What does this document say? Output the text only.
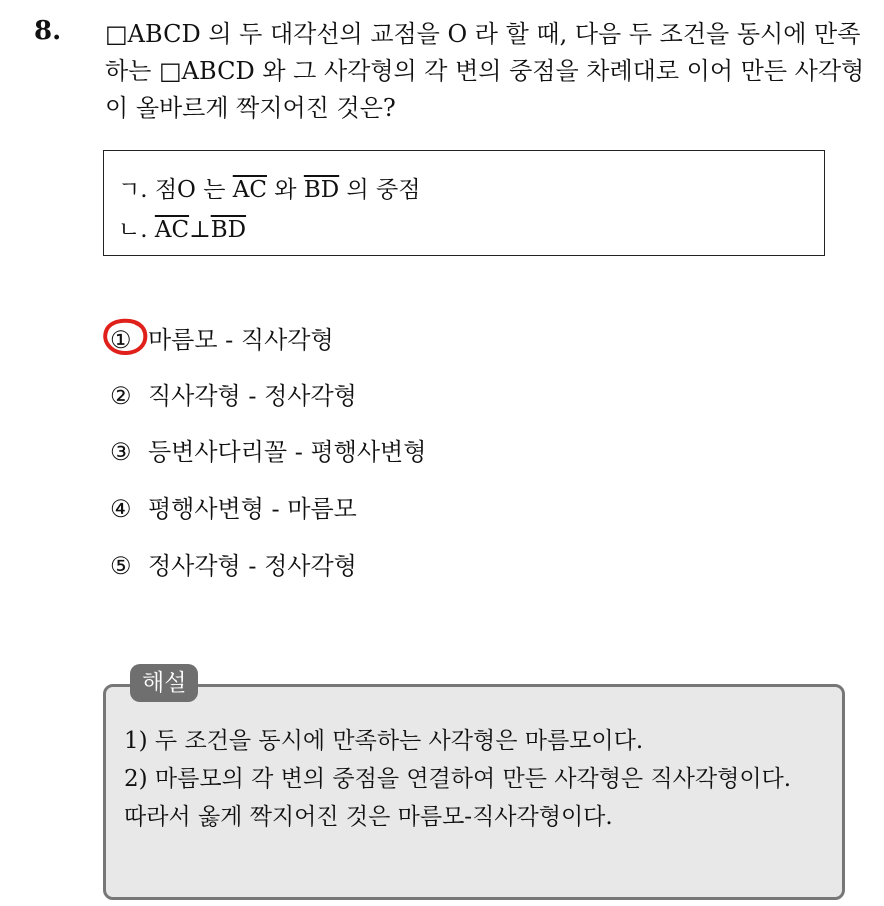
8. □ABCD 의 두 대각선의 교점을 O 라 할 때, 다음 두 조건을 동시에 만족하는 □ABCD 와 그 사각형의 각 변의 중점을 차례대로 이어 만든 사각형이 올바르게 짝지어진 것은?
ㄱ. 점O 는 $\overline{AC}$ 와 $\overline{BD}$ 의 중점
ㄴ. $\overline{AC}\perp\overline{BD}$
① 마름모 - 직사각형
② 직사각형 - 정사각형
③ 등변사다리꼴 - 평행사변형
④ 평행사변형 - 마름모
⑤ 정사각형 - 정사각형
해설
1) 두 조건을 동시에 만족하는 사각형은 마름모이다.
2) 마름모의 각 변의 중점을 연결하여 만든 사각형은 직사각형이다.
따라서 옳게 짝지어진 것은 마름모-직사각형이다.
